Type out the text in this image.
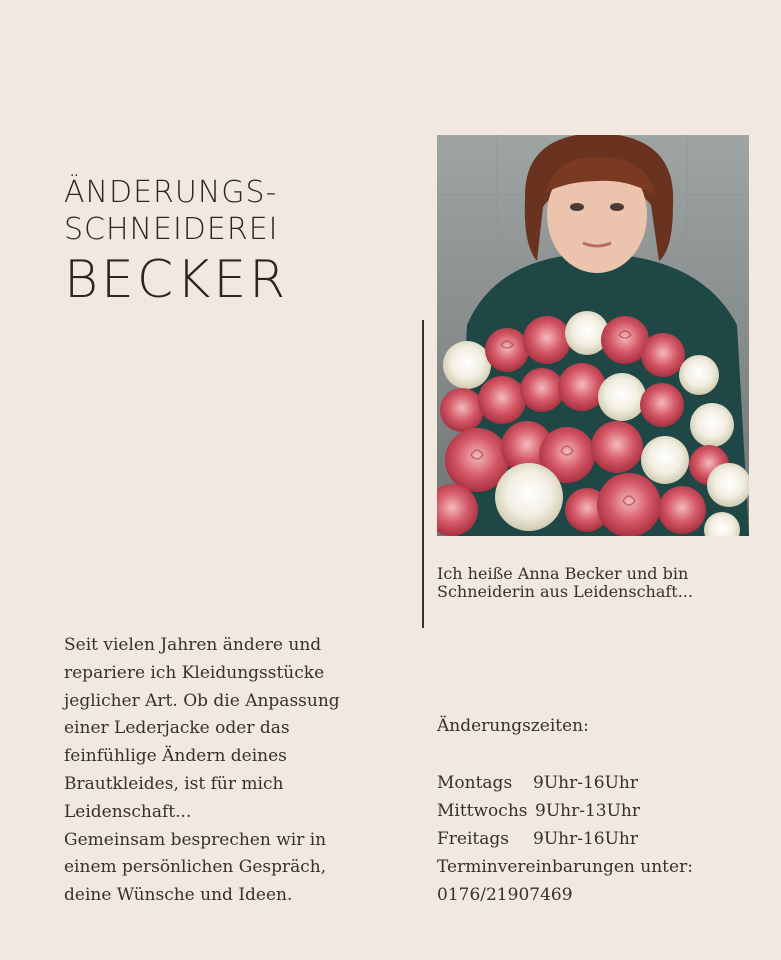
ÄNDERUNGS-
SCHNEIDEREI
BECKER
Ich heiße Anna Becker und bin
Schneiderin aus Leidenschaft...
Seit vielen Jahren ändere und
repariere ich Kleidungsstücke
jeglicher Art. Ob die Anpassung
einer Lederjacke oder das
feinfühlige Ändern deines
Brautkleides, ist für mich
Leidenschaft...
Gemeinsam besprechen wir in
einem persönlichen Gespräch,
deine Wünsche und Ideen.
Änderungszeiten:
Montags 9Uhr-16Uhr
Mittwochs 9Uhr-13Uhr
Freitags 9Uhr-16Uhr
Terminvereinbarungen unter:
0176/21907469
